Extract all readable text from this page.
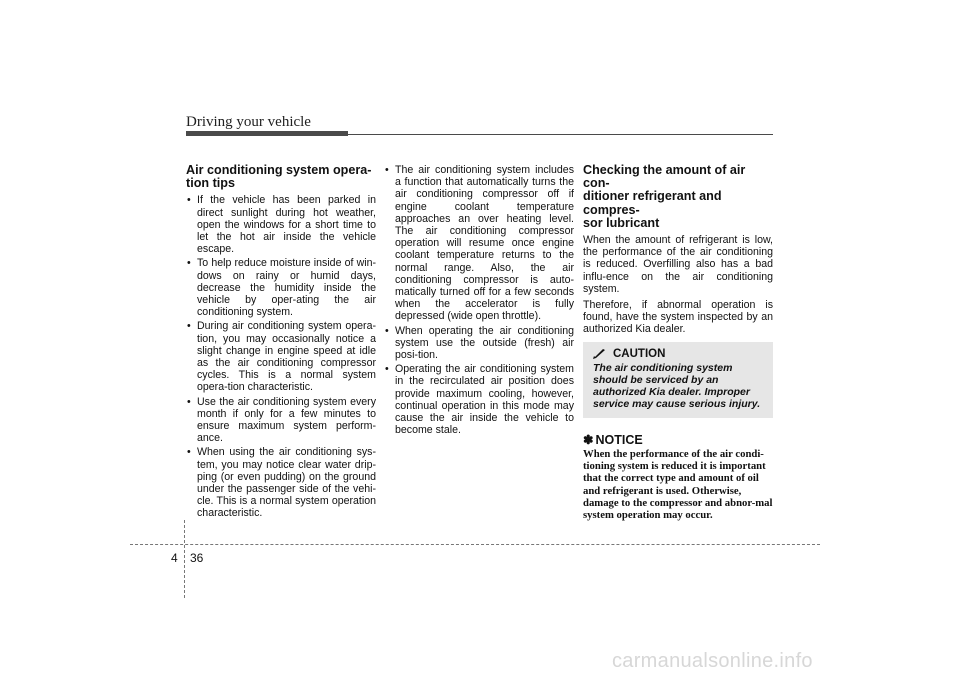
Driving your vehicle
Air conditioning system opera-
tion tips
• If the vehicle has been parked in direct sunlight during hot weather, open the windows for a short time to let the hot air inside the vehicle escape.
• To help reduce moisture inside of win-dows on rainy or humid days, decrease the humidity inside the vehicle by oper-ating the air conditioning system.
• During air conditioning system opera-tion, you may occasionally notice a slight change in engine speed at idle as the air conditioning compressor cycles. This is a normal system opera-tion characteristic.
• Use the air conditioning system every month if only for a few minutes to ensure maximum system perform-ance.
• When using the air conditioning sys-tem, you may notice clear water drip-ping (or even pudding) on the ground under the passenger side of the vehi-cle. This is a normal system operation characteristic.
• The air conditioning system includes a function that automatically turns the air conditioning compressor off if engine coolant temperature approaches an over heating level. The air conditioning compressor operation will resume once engine coolant temperature returns to the normal range. Also, the air conditioning compressor is auto-matically turned off for a few seconds when the accelerator is fully depressed (wide open throttle).
• When operating the air conditioning system use the outside (fresh) air posi-tion.
• Operating the air conditioning system in the recirculated air position does provide maximum cooling, however, continual operation in this mode may cause the air inside the vehicle to become stale.
Checking the amount of air con-
ditioner refrigerant and compres-
sor lubricant

When the amount of refrigerant is low, the performance of the air conditioning is reduced. Overfilling also has a bad influ-ence on the air conditioning system.

Therefore, if abnormal operation is found, have the system inspected by an authorized Kia dealer.

CAUTION
The air conditioning system should be serviced by an authorized Kia dealer. Improper service may cause serious injury.
✽ NOTICE
When the performance of the air condi-tioning system is reduced it is important that the correct type and amount of oil and refrigerant is used. Otherwise, damage to the compressor and abnor-mal system operation may occur.
4 36
carmanualsonline.info
